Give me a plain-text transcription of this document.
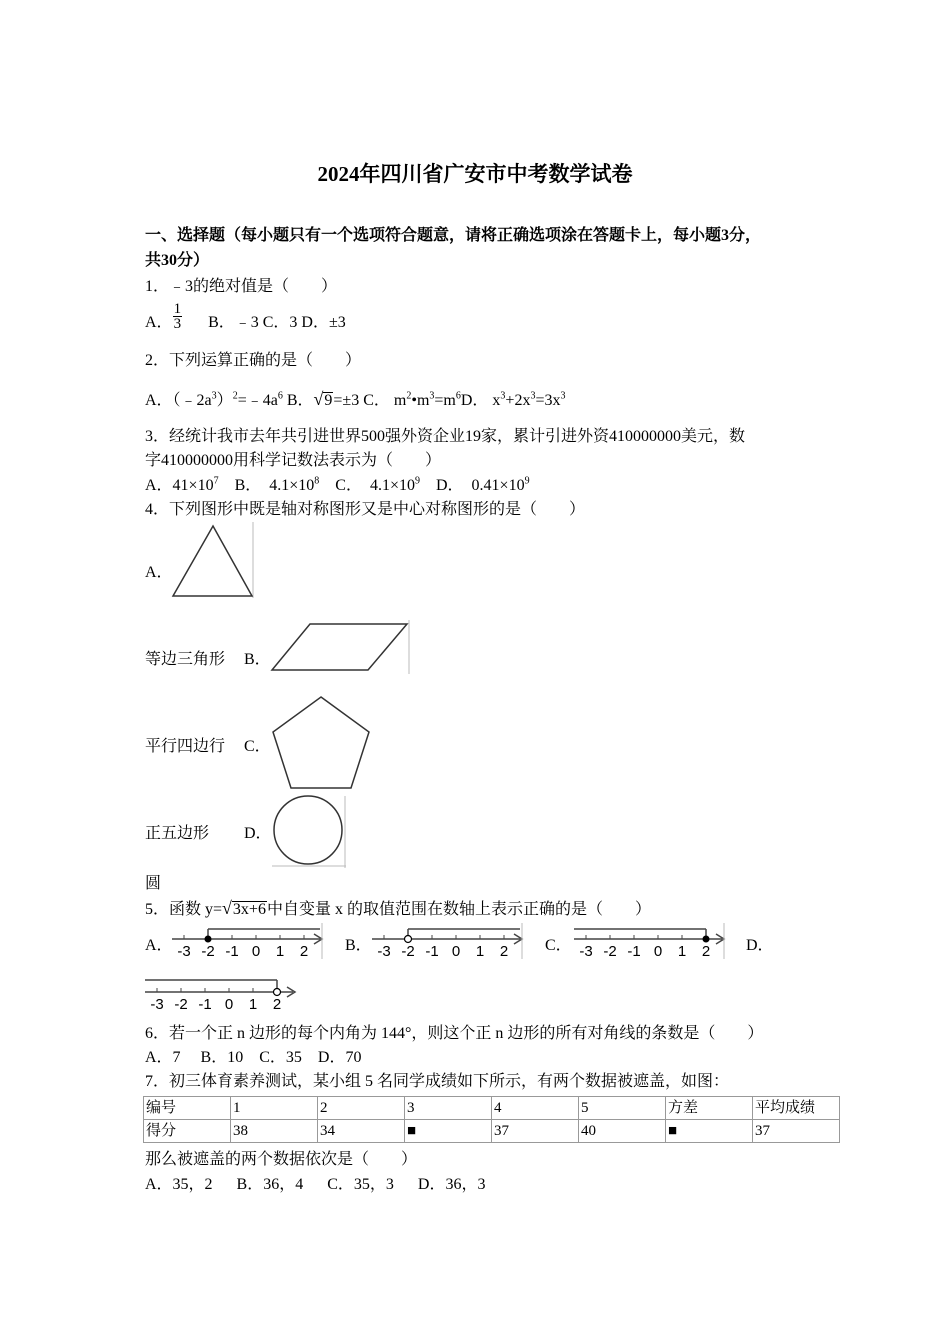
2024年四川省广安市中考数学试卷
一、选择题（每小题只有一个选项符合题意，请将正确选项涂在答题卡上，每小题3分，
共30分）
1．﹣3的绝对值是（　　）
A． $\frac{1}{3}$ B．﹣3 C．3 D．±3
2．下列运算正确的是（　　）
A．$(﹣2a^3)^2=﹣4a^6$ B．√9=±3 C． $m^2•m^3=m^6D$． $x^3+2x^3=3x^3$
3．经统计我市去年共引进世界500强外资企业19家，累计引进外资410000000美元，数
字410000000用科学记数法表示为（　　）
A．$41\times 10^7$    B．  $4.1\times 10^8$    C．  $4.1\times 10^9$    D．  $0.41\times 10^9$
4．下列图形中既是轴对称图形又是中心对称图形的是（　　）
A．
等边三角形 B．
平行四边行 C．
正五边形 D．
圆
5．函数 y=√3x+6中自变量 x 的取值范围在数轴上表示正确的是（　　）
A． -3 -2 -1 0 1 2 B． -3 -2 -1 0 1 2 C． -3 -2 -1 0 1 2 D．
-3 -2 -1 0 1 2
6．若一个正 n 边形的每个内角为 144°，则这个正 n 边形的所有对角线的条数是（　　）
A．7     B．10    C．35    D．70
7．初三体育素养测试，某小组 5 名同学成绩如下所示，有两个数据被遮盖，如图：
编号	1	2	3	4	5	方差	平均成绩
得分	38	34	■	37	40	■	37
那么被遮盖的两个数据依次是（　　）
A．35，2      B．36，4      C．35，3      D．36，3
